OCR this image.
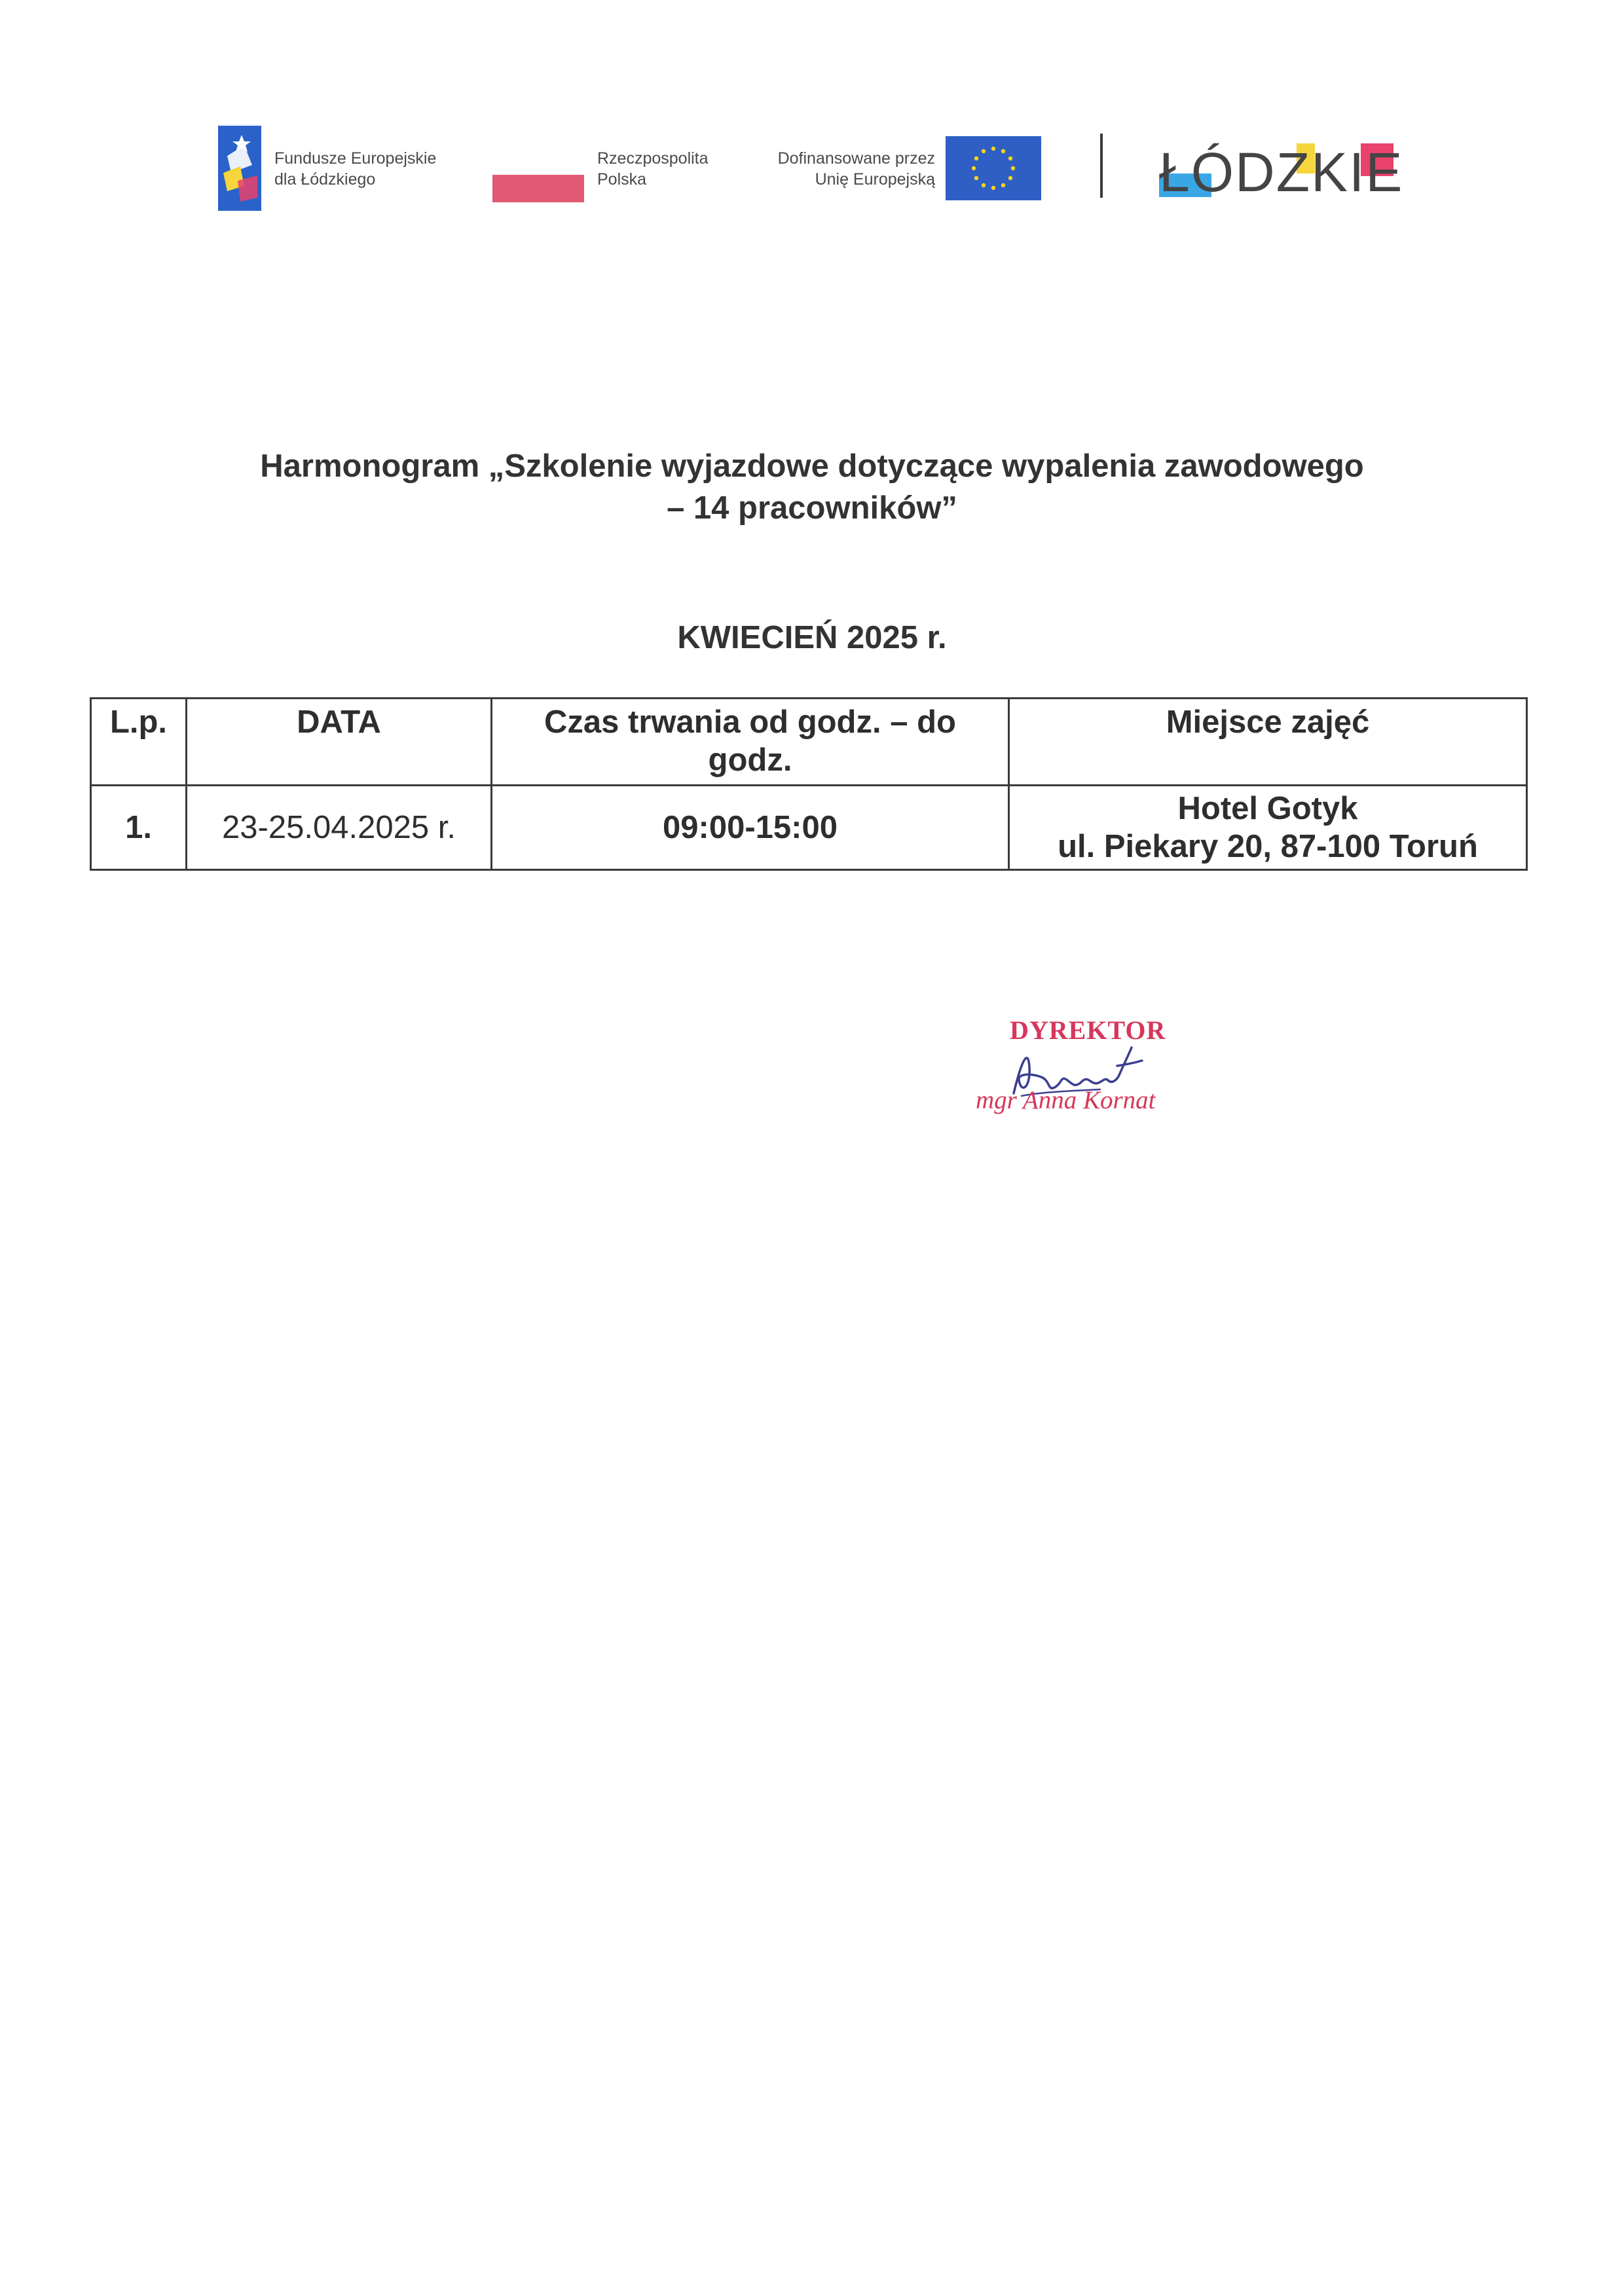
Fundusze Europejskie
dla Łódzkiego
Rzeczpospolita
Polska
Dofinansowane przez
Unię Europejską	ŁÓDZKIE
Harmonogram „Szkolenie wyjazdowe dotyczące wypalenia zawodowego
– 14 pracowników”
KWIECIEŃ 2025 r.
L.p.	DATA	Czas trwania od godz. – do godz.	Miejsce zajęć
1.	23-25.04.2025 r.	09:00-15:00	
Hotel Gotyk
ul. Piekary 20, 87-100 Toruń
DYREKTOR
mgr Anna Kornat
